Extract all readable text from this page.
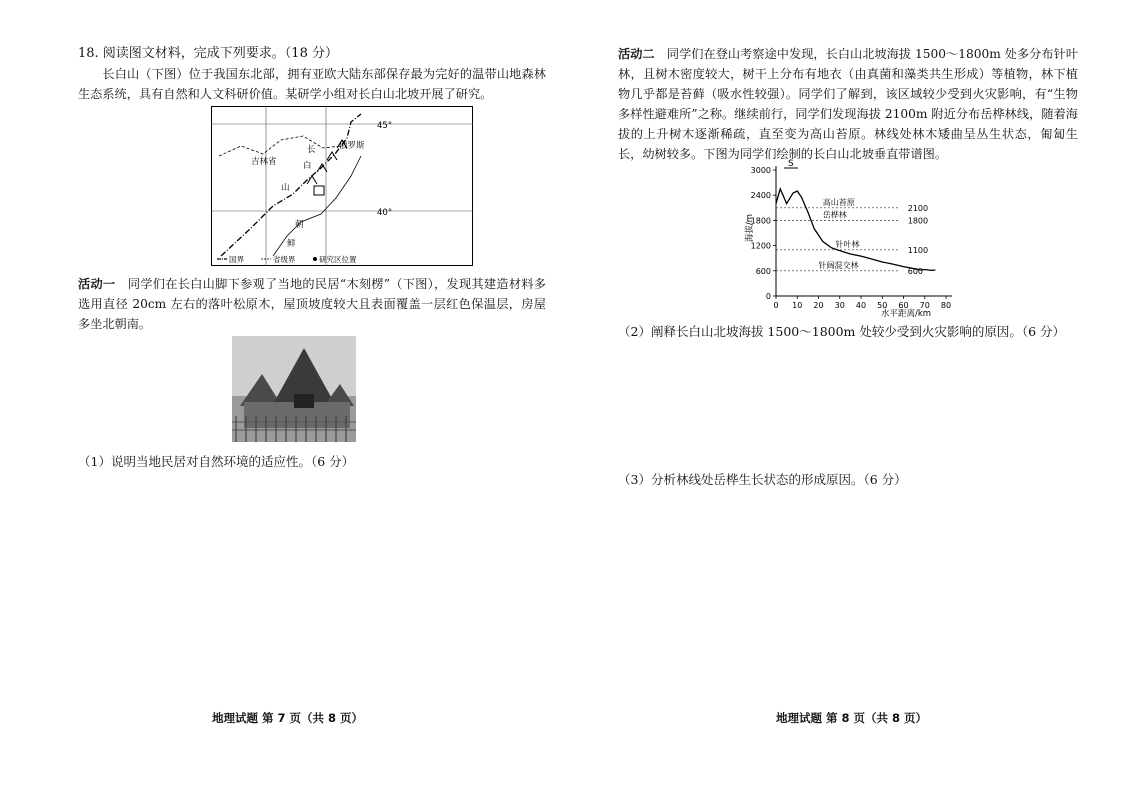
18. 阅读图文材料，完成下列要求。（18 分）
长白山（下图）位于我国东北部，拥有亚欧大陆东部保存最为完好的温带山地森林生态系统，具有自然和人文科研价值。某研学小组对长白山北坡开展了研究。
45°
40°
吉林省
俄罗斯
长
白
山
朝
鲜
国界	省级界	研究区位置
活动一　 同学们在长白山脚下参观了当地的民居“木刻楞”（下图），发现其建造材料多选用直径 20cm 左右的落叶松原木，屋顶坡度较大且表面覆盖一层红色保温层，房屋多坐北朝南。
（1）说明当地民居对自然环境的适应性。（6 分）
地理试题 第 7 页（共 8 页）
活动二　 同学们在登山考察途中发现，长白山北坡海拔 1500～1800m 处多分布针叶林，且树木密度较大，树干上分布有地衣（由真菌和藻类共生形成）等植物，林下植物几乎都是苔藓（吸水性较强）。同学们了解到，该区域较少受到火灾影响，有“生物多样性避难所”之称。继续前行，同学们发现海拔 2100m 附近分布岳桦林线，随着海拔的上升树木逐渐稀疏，直至变为高山苔原。林线处林木矮曲呈丛生状态，匍匐生长，幼树较多。下图为同学们绘制的长白山北坡垂直带谱图。
0 10 20 30 40 50 60 70 80
0
600
1200
1800
2400
3000
2100
高山苔原
1800
岳桦林
1100
针叶林
600
针阔混交林
海拔/m
水平距离/km
S
（2）阐释长白山北坡海拔 1500～1800m 处较少受到火灾影响的原因。（6 分）
（3）分析林线处岳桦生长状态的形成原因。（6 分）
地理试题 第 8 页（共 8 页）
